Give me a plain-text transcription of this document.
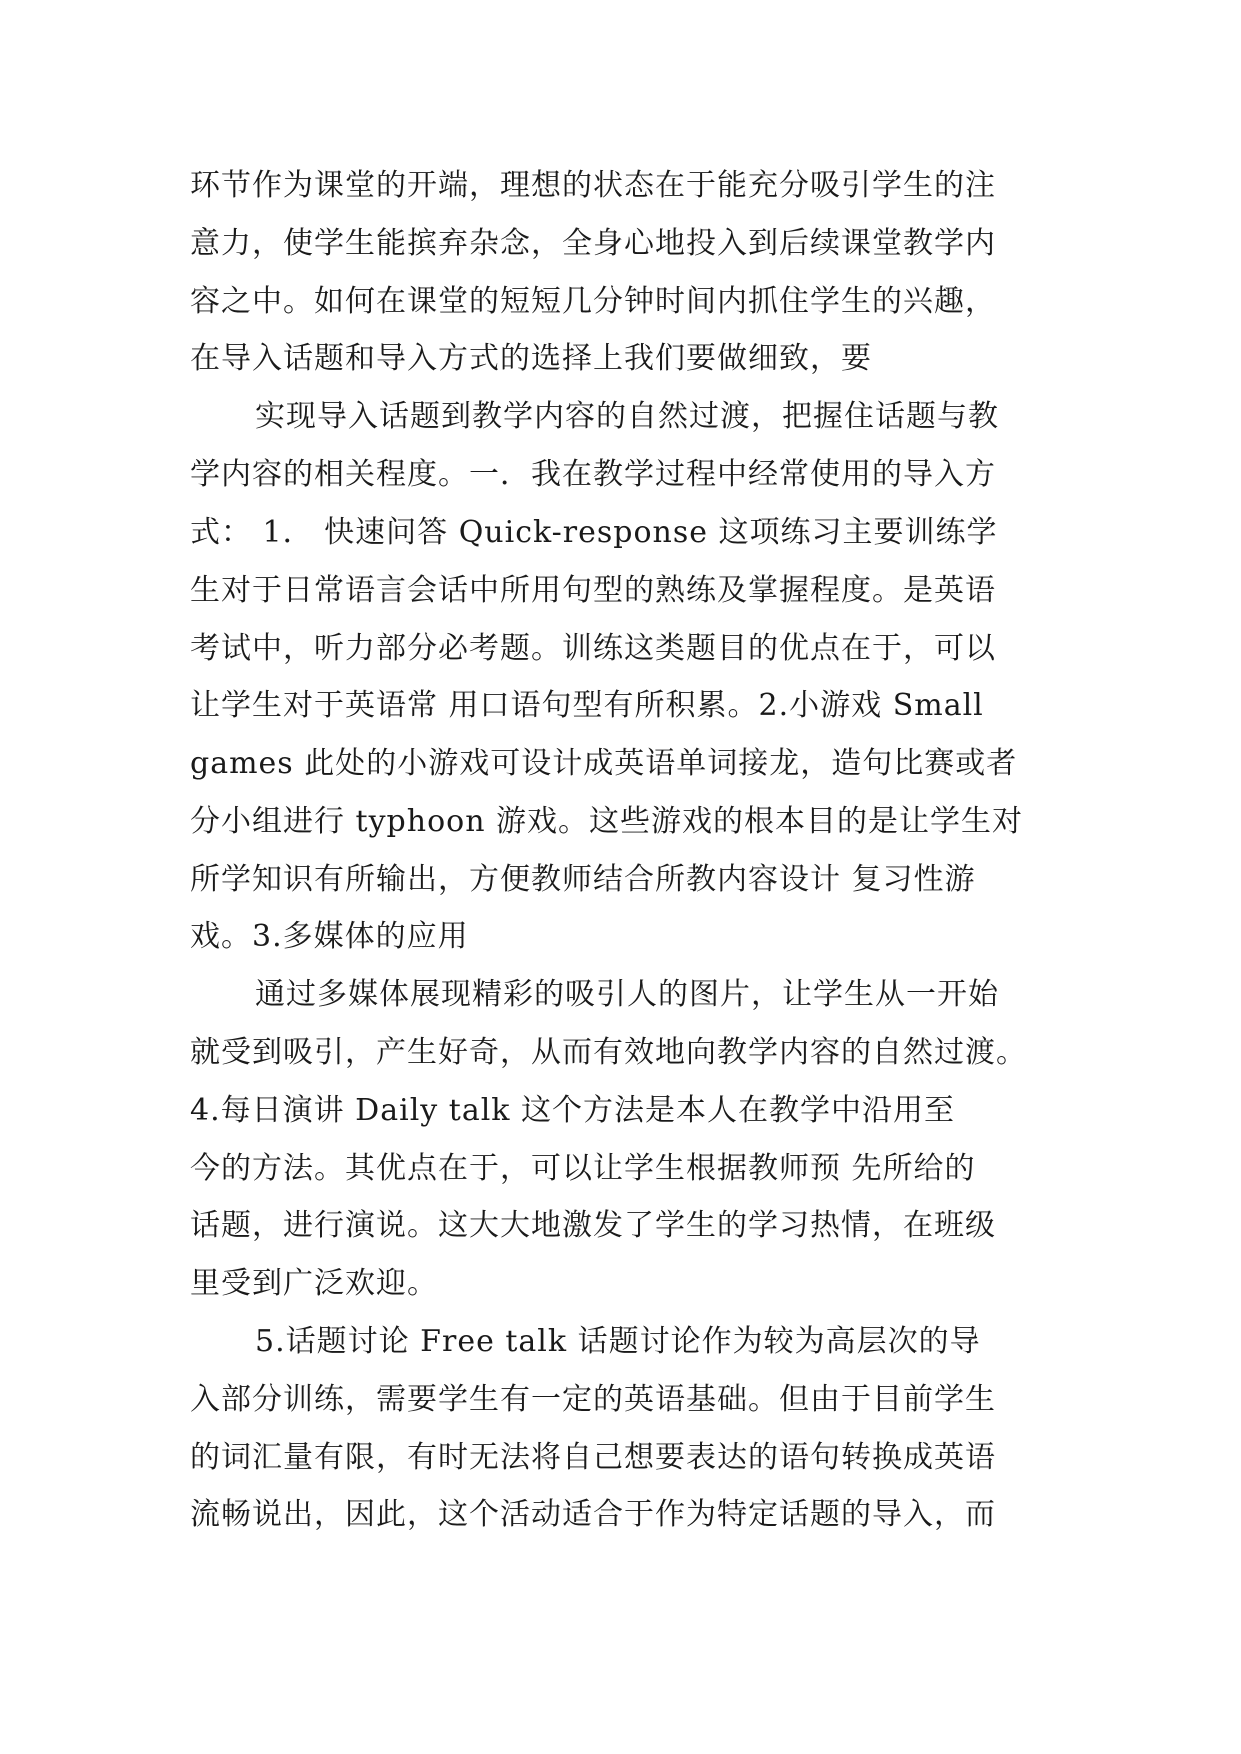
环节作为课堂的开端，理想的状态在于能充分吸引学生的注
意力，使学生能摈弃杂念，全身心地投入到后续课堂教学内
容之中。如何在课堂的短短几分钟时间内抓住学生的兴趣，
在导入话题和导入方式的选择上我们要做细致，要
实现导入话题到教学内容的自然过渡，把握住话题与教
学内容的相关程度。一．我在教学过程中经常使用的导入方
式： 1． 快速问答 Quick-response 这项练习主要训练学
生对于日常语言会话中所用句型的熟练及掌握程度。是英语
考试中，听力部分必考题。训练这类题目的优点在于，可以
让学生对于英语常 用口语句型有所积累。2.小游戏 Small
games 此处的小游戏可设计成英语单词接龙，造句比赛或者
分小组进行 typhoon 游戏。这些游戏的根本目的是让学生对
所学知识有所输出，方便教师结合所教内容设计 复习性游
戏。3.多媒体的应用
通过多媒体展现精彩的吸引人的图片，让学生从一开始
就受到吸引，产生好奇，从而有效地向教学内容的自然过渡。
4.每日演讲 Daily talk 这个方法是本人在教学中沿用至
今的方法。其优点在于，可以让学生根据教师预 先所给的
话题，进行演说。这大大地激发了学生的学习热情，在班级
里受到广泛欢迎。
5.话题讨论 Free talk 话题讨论作为较为高层次的导
入部分训练，需要学生有一定的英语基础。但由于目前学生
的词汇量有限，有时无法将自己想要表达的语句转换成英语
流畅说出，因此，这个活动适合于作为特定话题的导入，而
